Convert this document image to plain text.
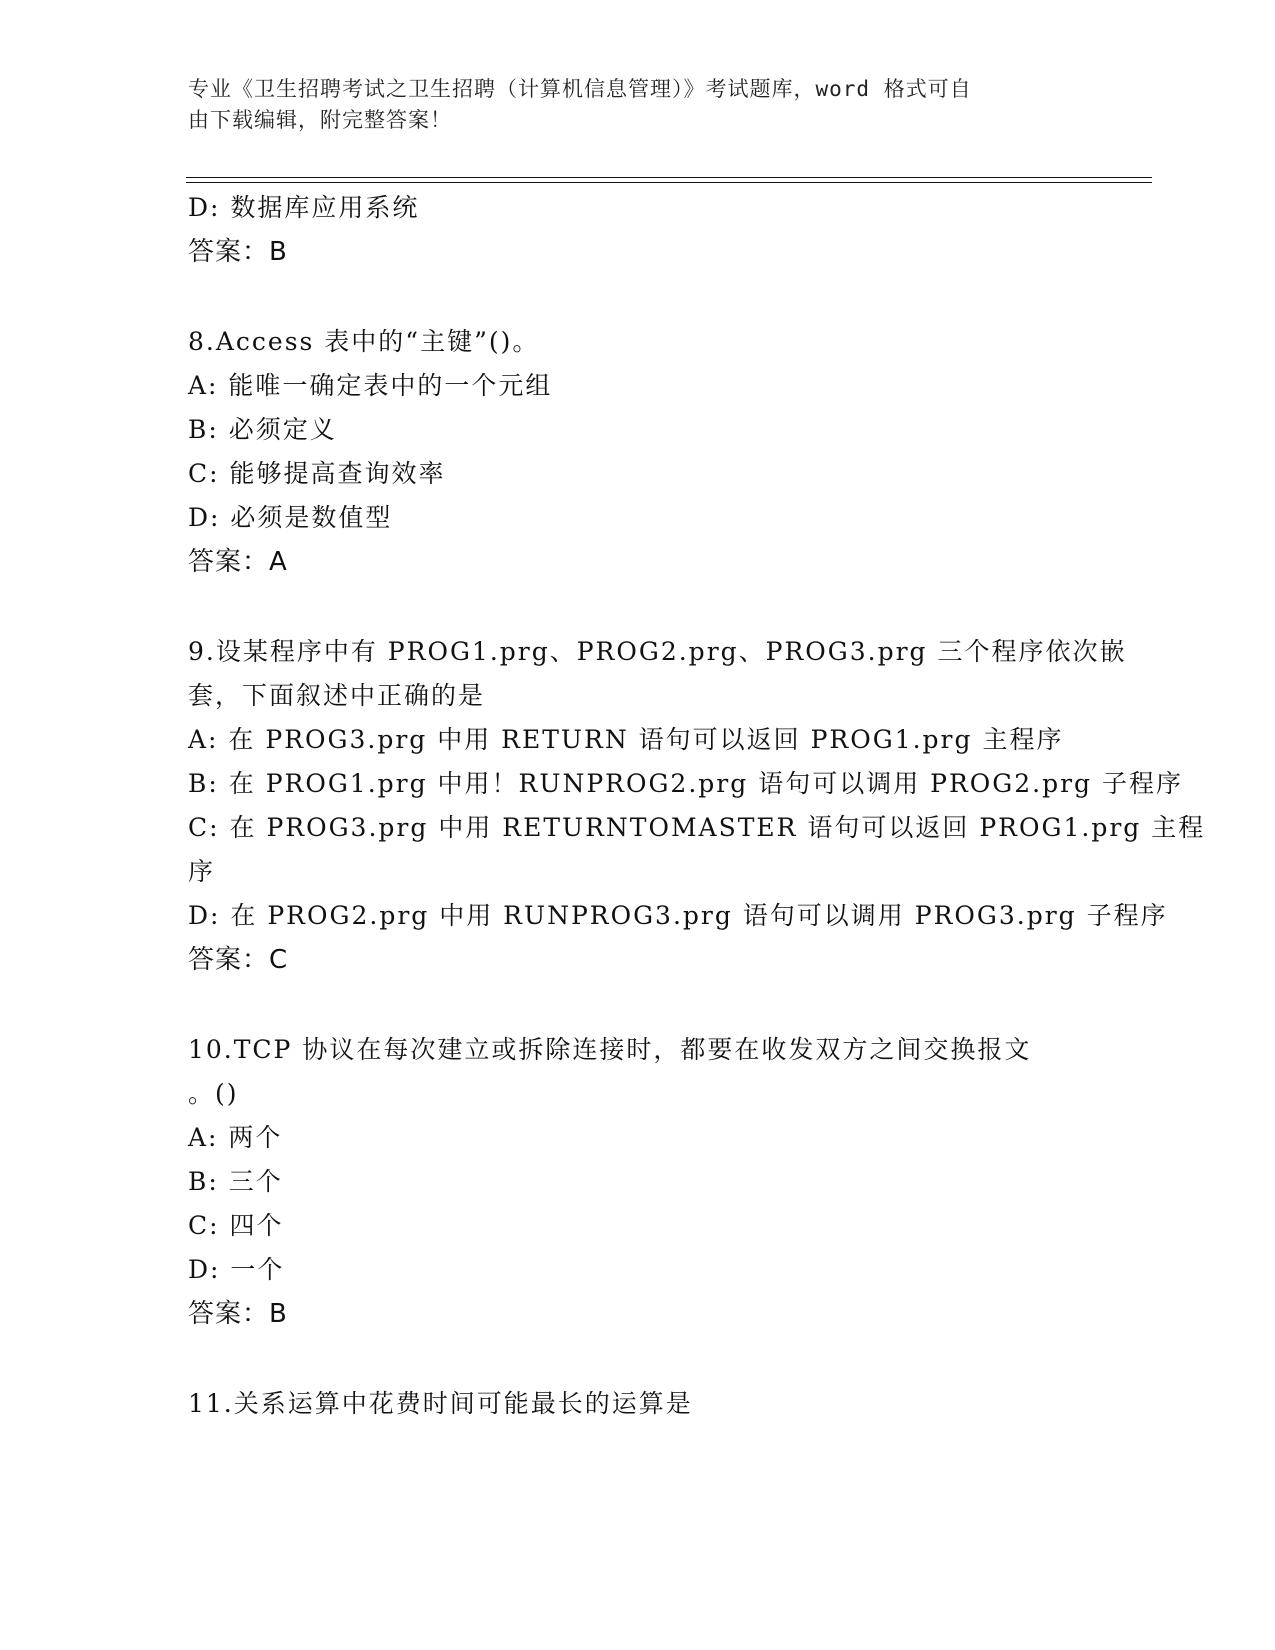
专业《卫生招聘考试之卫生招聘（计算机信息管理）》考试题库，word 格式可自
由下载编辑，附完整答案！
D: 数据库应用系统
答案：B
8.Access 表中的“主键”()。
A: 能唯一确定表中的一个元组
B: 必须定义
C: 能够提高查询效率
D: 必须是数值型
答案：A
9.设某程序中有 PROG1.prg、PROG2.prg、PROG3.prg 三个程序依次嵌
套，下面叙述中正确的是
A: 在 PROG3.prg 中用 RETURN 语句可以返回 PROG1.prg 主程序
B: 在 PROG1.prg 中用！RUNPROG2.prg 语句可以调用 PROG2.prg 子程序
C: 在 PROG3.prg 中用 RETURNTOMASTER 语句可以返回 PROG1.prg 主程
序
D: 在 PROG2.prg 中用 RUNPROG3.prg 语句可以调用 PROG3.prg 子程序
答案：C
10.TCP 协议在每次建立或拆除连接时，都要在收发双方之间交换报文
。()
A: 两个
B: 三个
C: 四个
D: 一个
答案：B
11.关系运算中花费时间可能最长的运算是
